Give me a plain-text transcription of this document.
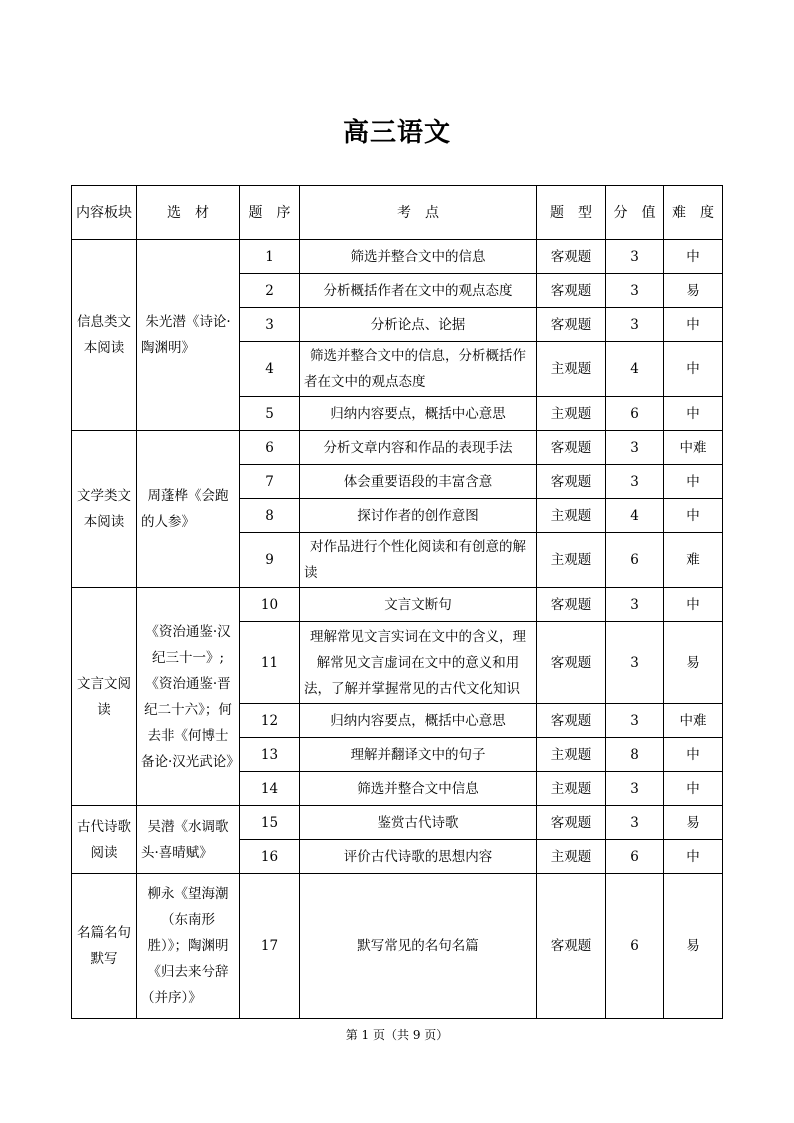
高三语文
内容板块	选　材	题　序	考　点	题　型	分　值	难　度
信息类文本阅读	朱光潜《诗论·陶渊明》	1	筛选并整合文中的信息	客观题	3	中
		2	分析概括作者在文中的观点态度	客观题	3	易
		3	分析论点、论据	客观题	3	中
		4	筛选并整合文中的信息，分析概括作者在文中的观点态度	主观题	4	中
		5	归纳内容要点，概括中心意思	主观题	6	中
文学类文本阅读	周蓬桦《会跑的人参》	6	分析文章内容和作品的表现手法	客观题	3	中难
		7	体会重要语段的丰富含意	客观题	3	中
		8	探讨作者的创作意图	主观题	4	中
		9	对作品进行个性化阅读和有创意的解读	主观题	6	难
文言文阅读	《资治通鉴·汉纪三十一》;《资治通鉴·晋纪二十六》；何去非《何博士备论·汉光武论》	10	文言文断句	客观题	3	中
		11	理解常见文言实词在文中的含义，理解常见文言虚词在文中的意义和用法，了解并掌握常见的古代文化知识	客观题	3	易
		12	归纳内容要点，概括中心意思	客观题	3	中难
		13	理解并翻译文中的句子	主观题	8	中
		14	筛选并整合文中信息	主观题	3	中
古代诗歌阅读	吴潜《水调歌头·喜晴赋》	15	鉴赏古代诗歌	客观题	3	易
		16	评价古代诗歌的思想内容	主观题	6	中
名篇名句默写	柳永《望海潮（东南形胜）》；陶渊明《归去来兮辞（并序）》	17	默写常见的名句名篇	客观题	6	易
第 1 页（共 9 页）
